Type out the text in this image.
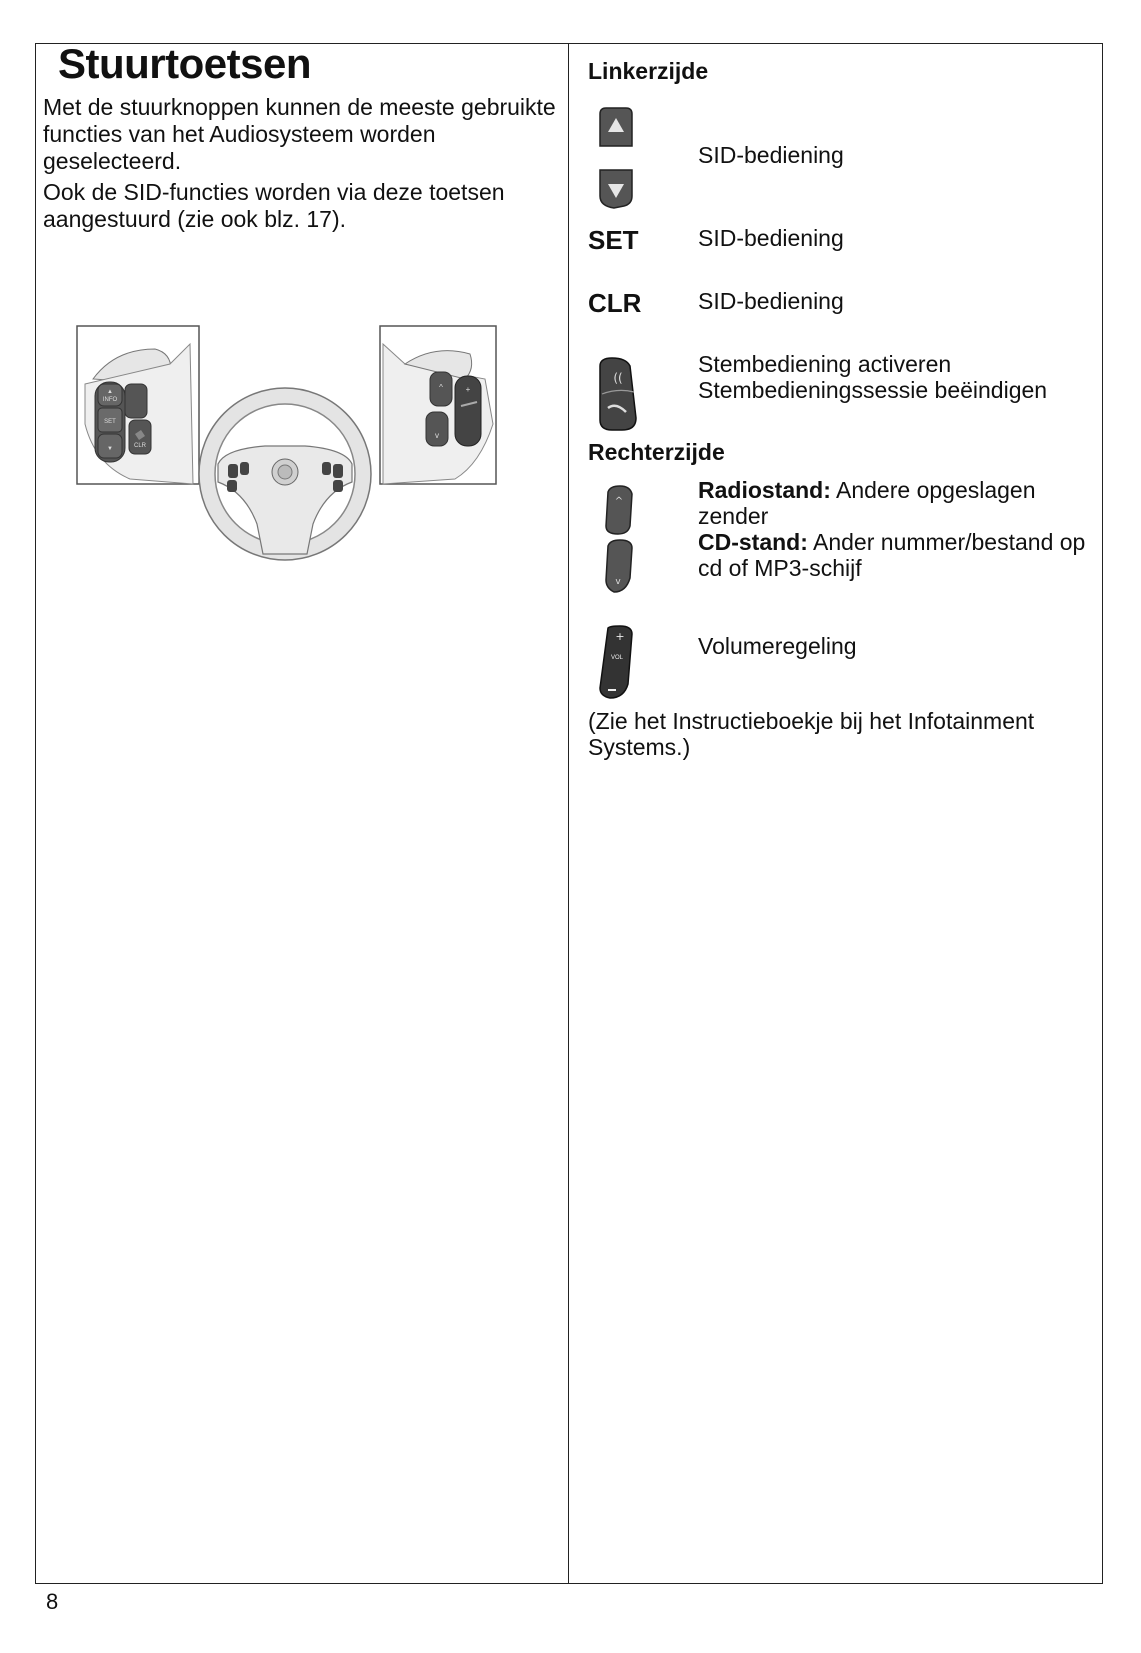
Stuurtoetsen

Met de stuurknoppen kunnen de meeste gebruikte functies van het Audiosysteem worden geselecteerd.

Ook de SID-functies worden via deze toetsen aangestuurd (zie ook blz. 17).

▲
INFO
SET
▼	CLR
^
v
+
Linkerzijde
SID-bediening
SET	SID-bediening
CLR SID-bediening
((
Stembediening activeren
Stembedieningssessie beëindigen
Rechterzijde
^
v
Radiostand: Andere opgeslagen zender
CD-stand: Ander nummer/bestand op cd of MP3-schijf
+
VOL	Volumeregeling
(Zie het Instructieboekje bij het Infotainment Systems.)
8
